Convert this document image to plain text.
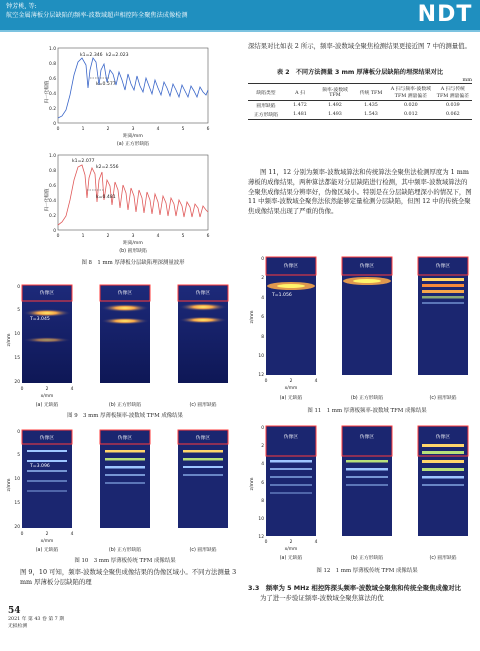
钟芳桃, 等:
航空金属薄板分层缺陷的频率-波数域超声相控阵全聚焦法成像检测	NDT
k1=2.346 k2=2.023
k=0.577
归一化幅值
1.0
0.8
0.6
0.4
0.2
0
0	1	2	3	4	5	6
距离/mm
(a) 正方形缺陷
k1=2.077
k2=2.556
k=0.481
归一化幅值
1.0
0.8
0.6
0.4
0.2
0
0	1	2	3	4	5	6
距离/mm
(b) 圆形缺陷
图 8　1 mm 厚薄板分层缺陷理深测量波形
伪像区
T=3.045
伪像区	伪像区
z/mm
0
5
10
15
20
0	2	4
x/mm
(a) 无缺陷	(b) 正方形缺陷	(c) 圆形缺陷
图 9　3 mm 厚薄板频率-波数域 TFM 成像结果
伪像区
T=3.096
伪像区	伪像区
z/mm
0
5
10
15
20
0	2	4
x/mm
(a) 无缺陷	(b) 正方形缺陷	(c) 圆形缺陷
图 10　3 mm 厚薄板传统 TFM 成像结果
图 9，10 可知，频率-波数域全聚焦成像结果的伪像区域小。不同方法测量 3 mm 厚薄板分层缺陷的理
54
2021 年 第 43 卷 第 7 期
无损检测
深结果对比如表 2 所示，频率-波数域全聚焦检测结果更接近图 7 中的测量值。
表 2　不同方法测量 3 mm 厚薄板分层缺陷的埋深结果对比
mm
缺陷类型	A 扫	频率-波数域 TFM	传统 TFM	A 扫与频率-波数域 TFM 测量偏差	A 扫与传统 TFM 测量偏差
圆形缺陷	1.472	1.492	1.435	0.020	0.039
正方形缺陷	1.481	1.493	1.543	0.012	0.062
图 11，12 分别为频率-波数域算法和传统算法全聚焦法检测厚度为 1 mm 薄板的成像结果，两种算法都能对分层缺陷进行检测，其中频率-波数域算法的全聚焦成像结果分辨率好，伪像区域小。特别是在分层缺陷埋深小的情况下，图 11 中频率-波数域全聚焦法依然能够定量检测分层缺陷，但图 12 中的传统全聚焦成像结果出现了严重的伪像。
伪像区
T=1.056
伪像区	伪像区
z/mm
0
2
4
6
8
10
12
0	2	4
x/mm
(a) 无缺陷	(b) 正方形缺陷	(c) 圆形缺陷
图 11　1 mm 厚薄板频率-波数域 TFM 成像结果
伪像区	伪像区	伪像区
z/mm
0
2
4
6
8
10
12
0	2	4
x/mm
(a) 无缺陷	(b) 正方形缺陷	(c) 圆形缺陷
图 12　1 mm 厚薄板传统 TFM 成像结果
3.3　频率为 5 MHz 相控阵探头频率-波数域全聚焦和传统全聚焦成像对比
为了进一步验证频率-波数域全聚焦算法的优
